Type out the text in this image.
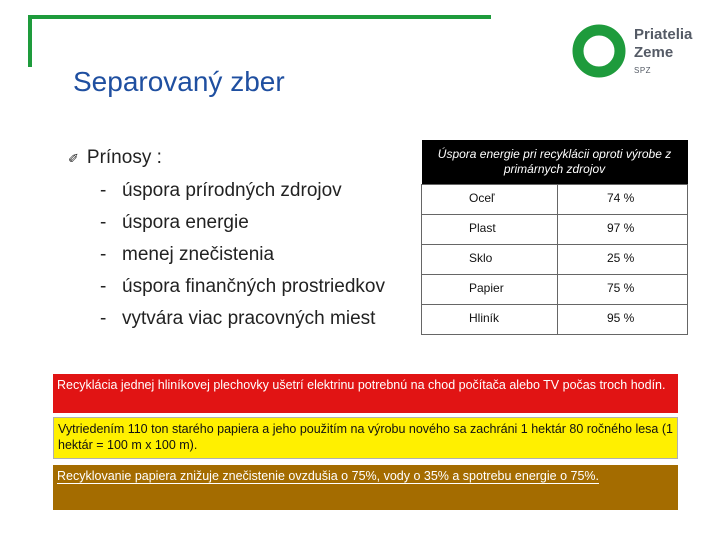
Priatelia
Zeme
SPZ
Separovaný zber
✐ Prínosy :
- úspora prírodných zdrojov
- úspora energie
- menej znečistenia
- úspora finančných prostriedkov
- vytvára viac pracovných miest
Úspora energie pri recyklácii oproti výrobe z primárnych zdrojov	
Oceľ	74 %
Plast	97 %
Sklo	25 %
Papier	75 %
Hliník	95 %
Recyklácia jednej hliníkovej plechovky ušetrí elektrinu potrebnú na chod počítača alebo TV počas troch hodín.
Vytriedením 110 ton starého papiera a jeho použitím na výrobu nového sa zachráni 1 hektár 80 ročného lesa (1 hektár = 100 m x 100 m).
Recyklovanie papiera znižuje znečistenie ovzdušia o 75%, vody o 35% a spotrebu energie o 75%.
